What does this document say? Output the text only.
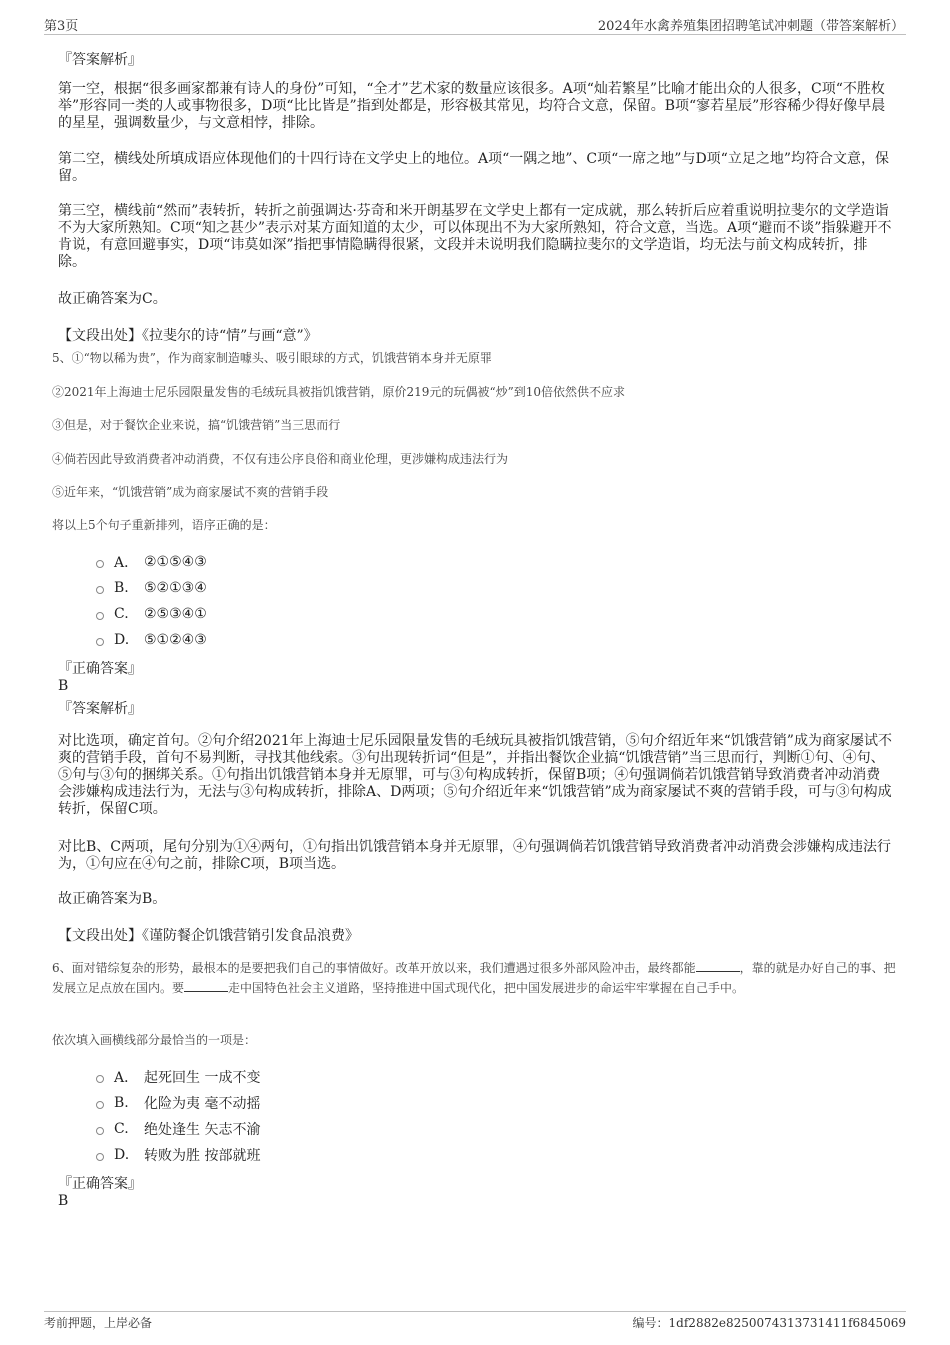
第3页	2024年水禽养殖集团招聘笔试冲刺题（带答案解析）
『答案解析』
第一空，根据“很多画家都兼有诗人的身份”可知，“全才”艺术家的数量应该很多。A项“灿若繁星”比喻才能出众的人很多，C项“不胜枚举”形容同一类的人或事物很多，D项“比比皆是”指到处都是，形容极其常见，均符合文意，保留。B项“寥若星辰”形容稀少得好像早晨的星星，强调数量少，与文意相悖，排除。
第二空，横线处所填成语应体现他们的十四行诗在文学史上的地位。A项“一隅之地”、C项“一席之地”与D项“立足之地”均符合文意，保留。
第三空，横线前“然而”表转折，转折之前强调达·芬奇和米开朗基罗在文学史上都有一定成就，那么转折后应着重说明拉斐尔的文学造诣不为大家所熟知。C项“知之甚少”表示对某方面知道的太少，可以体现出不为大家所熟知，符合文意，当选。A项“避而不谈”指躲避开不肯说，有意回避事实，D项“讳莫如深”指把事情隐瞒得很紧，文段并未说明我们隐瞒拉斐尔的文学造诣，均无法与前文构成转折，排除。
故正确答案为C。
【文段出处】《拉斐尔的诗“情”与画“意”》
5、①“物以稀为贵”，作为商家制造噱头、吸引眼球的方式，饥饿营销本身并无原罪
②2021年上海迪士尼乐园限量发售的毛绒玩具被指饥饿营销，原价219元的玩偶被“炒”到10倍依然供不应求
③但是，对于餐饮企业来说，搞“饥饿营销”当三思而行
④倘若因此导致消费者冲动消费，不仅有违公序良俗和商业伦理，更涉嫌构成违法行为
⑤近年来，“饥饿营销”成为商家屡试不爽的营销手段
将以上5个句子重新排列，语序正确的是：
A． ②①⑤④③
B.	⑤②①③④
C.	②⑤③④①
D.	⑤①②④③
『正确答案』
B
『答案解析』
对比选项，确定首句。②句介绍2021年上海迪士尼乐园限量发售的毛绒玩具被指饥饿营销，⑤句介绍近年来“饥饿营销”成为商家屡试不爽的营销手段，首句不易判断，寻找其他线索。③句出现转折词“但是”，并指出餐饮企业搞“饥饿营销”当三思而行，判断①句、④句、⑤句与③句的捆绑关系。①句指出饥饿营销本身并无原罪，可与③句构成转折，保留B项；④句强调倘若饥饿营销导致消费者冲动消费会涉嫌构成违法行为，无法与③句构成转折，排除A、D两项；⑤句介绍近年来“饥饿营销”成为商家屡试不爽的营销手段，可与③句构成转折，保留C项。
对比B、C两项，尾句分别为①④两句，①句指出饥饿营销本身并无原罪，④句强调倘若饥饿营销导致消费者冲动消费会涉嫌构成违法行为，①句应在④句之前，排除C项，B项当选。
故正确答案为B。
【文段出处】《谨防餐企饥饿营销引发食品浪费》
6、面对错综复杂的形势，最根本的是要把我们自己的事情做好。改革开放以来，我们遭遇过很多外部风险冲击，最终都能	，靠的就是办好自己的事、把发展立足点放在国内。要	走中国特色社会主义道路，坚持推进中国式现代化，把中国发展进步的命运牢牢掌握在自己手中。
依次填入画横线部分最恰当的一项是：
A． 起死回生 一成不变
B.	化险为夷 毫不动摇
C.	绝处逢生 矢志不渝
D.	转败为胜 按部就班
『正确答案』
B
考前押题，上岸必备	编号：1df2882e8250074313731411f6845069
